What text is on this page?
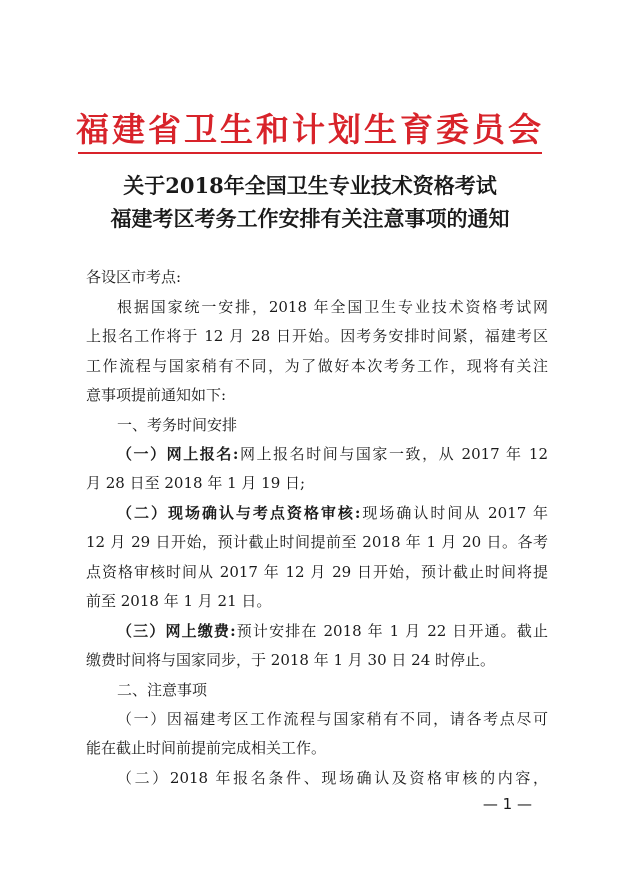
福建省卫生和计划生育委员会
关于2018年全国卫生专业技术资格考试
福建考区考务工作安排有关注意事项的通知
各设区市考点:
根据国家统一安排，2018 年全国卫生专业技术资格考试网
上报名工作将于 12 月 28 日开始。因考务安排时间紧，福建考区
工作流程与国家稍有不同，为了做好本次考务工作，现将有关注
意事项提前通知如下:
一、考务时间安排
（一）网上报名:网上报名时间与国家一致，从 2017 年 12
月 28 日至 2018 年 1 月 19 日;
（二）现场确认与考点资格审核:现场确认时间从 2017 年
12 月 29 日开始，预计截止时间提前至 2018 年 1 月 20 日。各考
点资格审核时间从 2017 年 12 月 29 日开始，预计截止时间将提
前至 2018 年 1 月 21 日。
（三）网上缴费:预计安排在 2018 年 1 月 22 日开通。截止
缴费时间将与国家同步，于 2018 年 1 月 30 日 24 时停止。
二、注意事项
（一）因福建考区工作流程与国家稍有不同，请各考点尽可
能在截止时间前提前完成相关工作。
（二）2018 年报名条件、现场确认及资格审核的内容，
— 1 —
